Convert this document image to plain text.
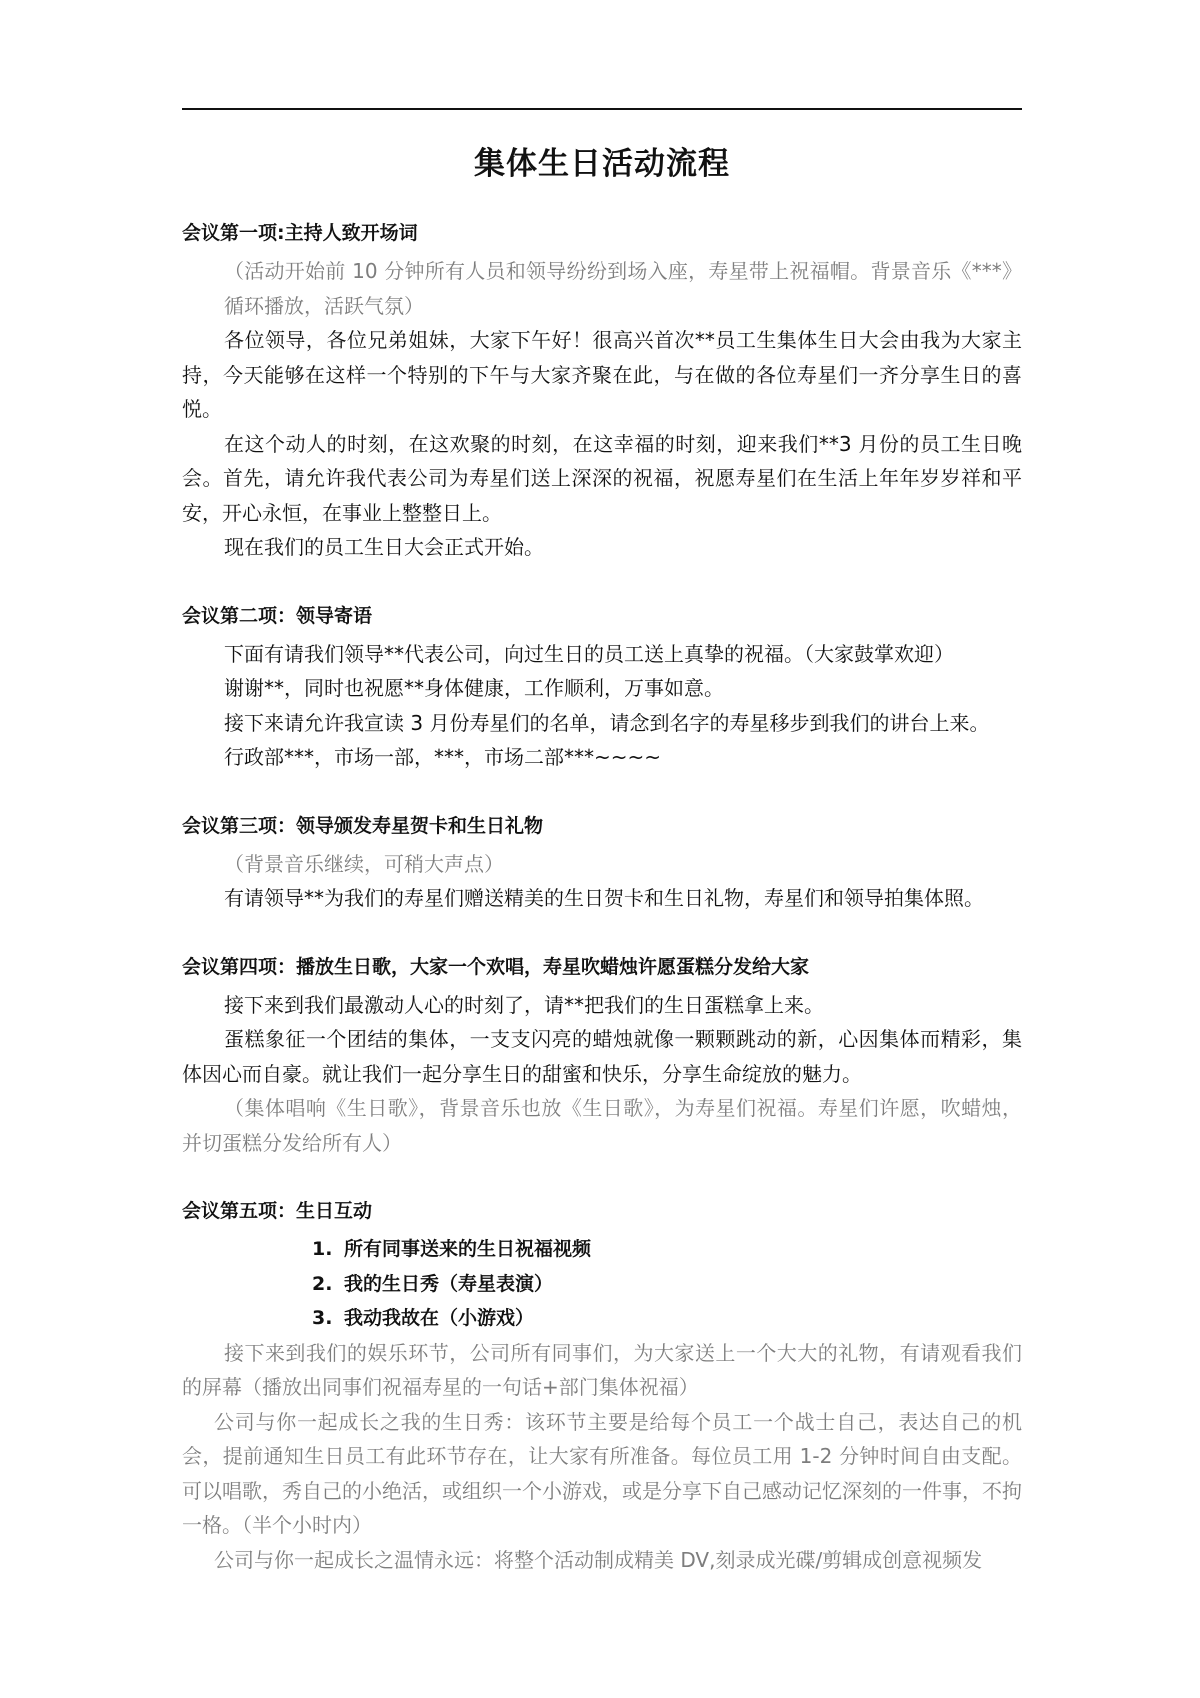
集体生日活动流程

会议第一项:主持人致开场词

（活动开始前 10 分钟所有人员和领导纷纷到场入座，寿星带上祝福帽。背景音乐《***》循环播放，活跃气氛）

各位领导，各位兄弟姐妹，大家下午好！很高兴首次**员工生集体生日大会由我为大家主持，今天能够在这样一个特别的下午与大家齐聚在此，与在做的各位寿星们一齐分享生日的喜悦。

在这个动人的时刻，在这欢聚的时刻，在这幸福的时刻，迎来我们**3 月份的员工生日晚会。首先，请允许我代表公司为寿星们送上深深的祝福，祝愿寿星们在生活上年年岁岁祥和平安，开心永恒，在事业上整整日上。

现在我们的员工生日大会正式开始。

会议第二项：领导寄语

下面有请我们领导**代表公司，向过生日的员工送上真挚的祝福。（大家鼓掌欢迎）

谢谢**，同时也祝愿**身体健康，工作顺利，万事如意。

接下来请允许我宣读 3 月份寿星们的名单，请念到名字的寿星移步到我们的讲台上来。

行政部***，市场一部，***，市场二部***~~~~

会议第三项：领导颁发寿星贺卡和生日礼物

（背景音乐继续，可稍大声点）

有请领导**为我们的寿星们赠送精美的生日贺卡和生日礼物，寿星们和领导拍集体照。

会议第四项：播放生日歌，大家一个欢唱，寿星吹蜡烛许愿蛋糕分发给大家

接下来到我们最激动人心的时刻了，请**把我们的生日蛋糕拿上来。

蛋糕象征一个团结的集体，一支支闪亮的蜡烛就像一颗颗跳动的新，心因集体而精彩，集体因心而自豪。就让我们一起分享生日的甜蜜和快乐，分享生命绽放的魅力。

（集体唱响《生日歌》，背景音乐也放《生日歌》，为寿星们祝福。寿星们许愿，吹蜡烛，并切蛋糕分发给所有人）

会议第五项：生日互动

1. 所有同事送来的生日祝福视频
2. 我的生日秀（寿星表演）
3. 我动我故在（小游戏）

接下来到我们的娱乐环节，公司所有同事们，为大家送上一个大大的礼物，有请观看我们的屏幕（播放出同事们祝福寿星的一句话+部门集体祝福）

公司与你一起成长之我的生日秀：该环节主要是给每个员工一个战士自己，表达自己的机会，提前通知生日员工有此环节存在，让大家有所准备。每位员工用 1-2 分钟时间自由支配。可以唱歌，秀自己的小绝活，或组织一个小游戏，或是分享下自己感动记忆深刻的一件事，不拘一格。（半个小时内）

公司与你一起成长之温情永远：将整个活动制成精美 DV,刻录成光碟/剪辑成创意视频发
